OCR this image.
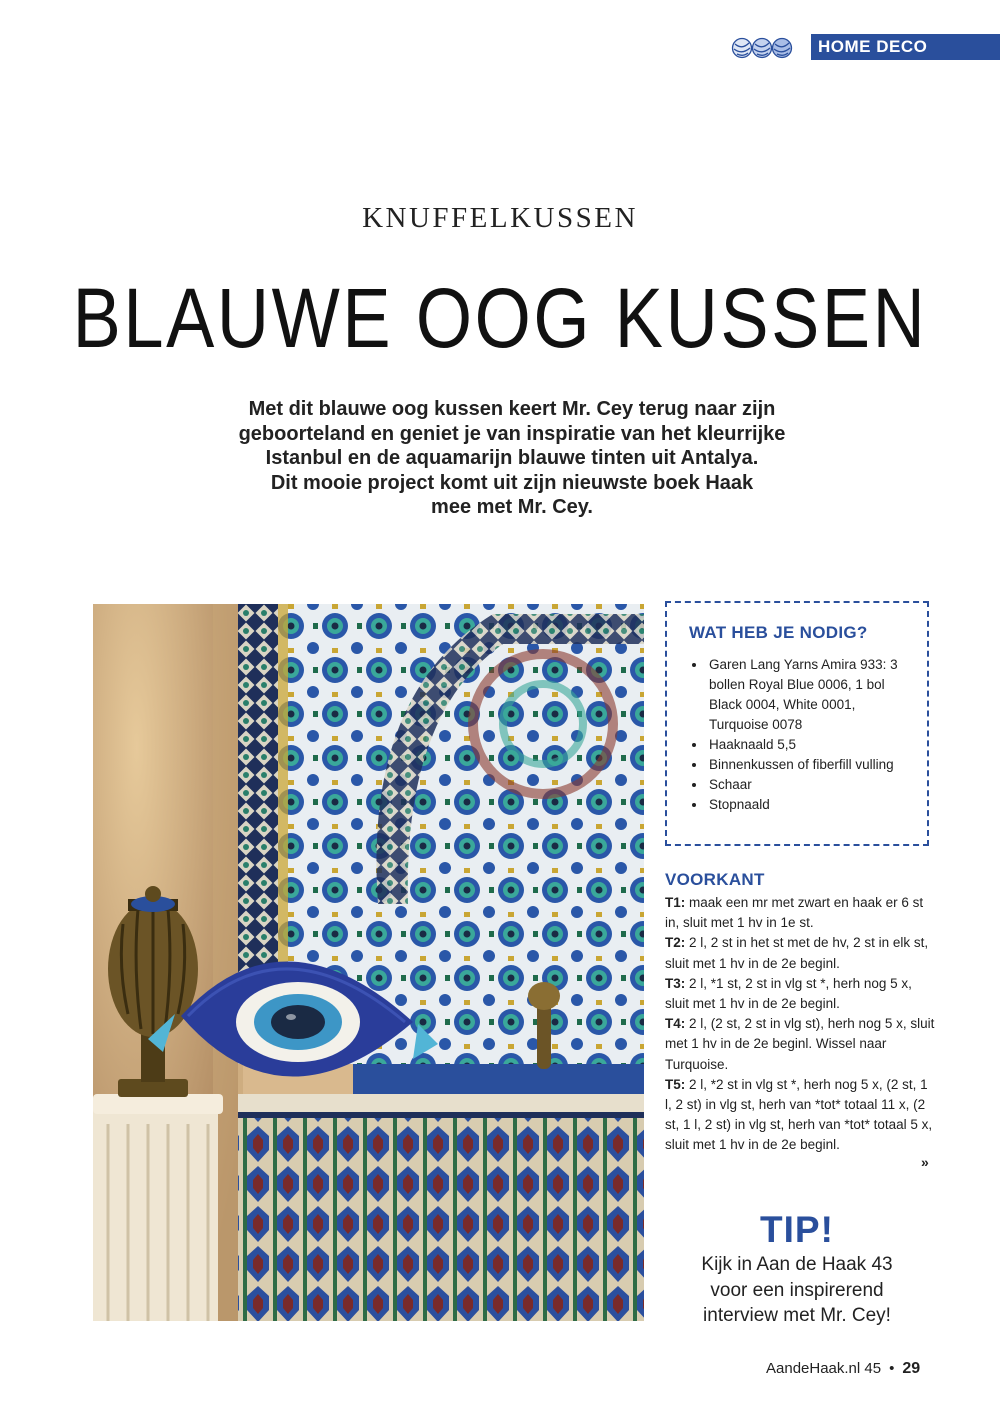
HOME DECO
KNUFFELKUSSEN
BLAUWE OOG KUSSEN

Met dit blauwe oog kussen keert Mr. Cey terug naar zijn

geboorteland en geniet je van inspiratie van het kleurrijke

Istanbul en de aquamarijn blauwe tinten uit Antalya.

Dit mooie project komt uit zijn nieuwste boek Haak

mee met Mr. Cey.

WAT HEB JE NODIG?
• Garen Lang Yarns Amira 933: 3 bollen Royal Blue 0006, 1 bol Black 0004, White 0001, Turquoise 0078
• Haaknaald 5,5
• Binnenkussen of fiberfill vulling
• Schaar
• Stopnaald
VOORKANT

T1: maak een mr met zwart en haak er 6 st in, sluit met 1 hv in 1e st.

T2: 2 l, 2 st in het st met de hv, 2 st in elk st, sluit met 1 hv in de 2e beginl.

T3: 2 l, *1 st, 2 st in vlg st *, herh nog 5 x, sluit met 1 hv in de 2e beginl.

T4: 2 l, (2 st, 2 st in vlg st), herh nog 5 x, sluit met 1 hv in de 2e beginl. Wissel naar Turquoise.

T5: 2 l, *2 st in vlg st *, herh nog 5 x, (2 st, 1 l, 2 st) in vlg st, herh van *tot* totaal 11 x, (2 st, 1 l, 2 st) in vlg st, herh van *tot* totaal 5 x, sluit met 1 hv in de 2e beginl.

»
TIP!
Kijk in Aan de Haak 43
voor een inspirerend
interview met Mr. Cey!
AandeHaak.nl 45 • 29
